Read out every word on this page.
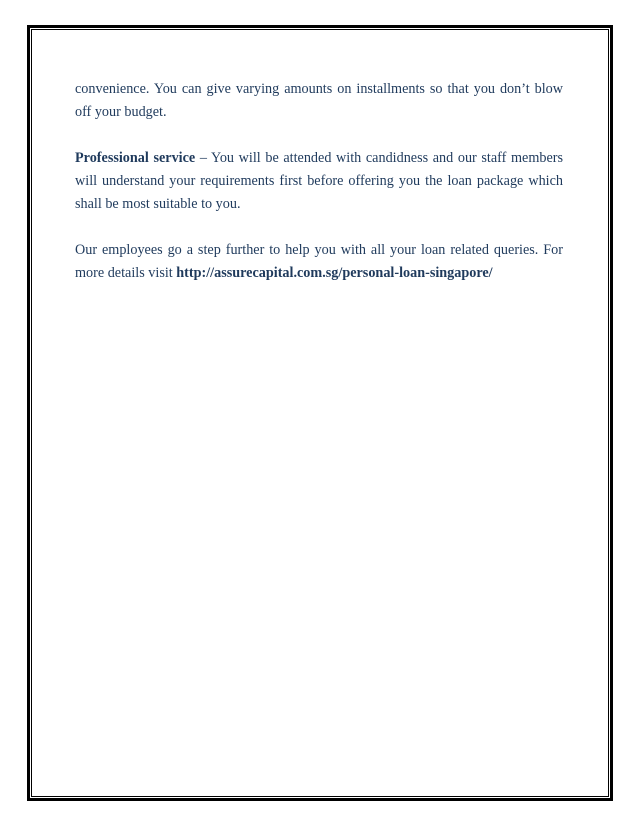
convenience. You can give varying amounts on installments so that you don’t blow off your budget.

Professional service – You will be attended with candidness and our staff members will understand your requirements first before offering you the loan package which shall be most suitable to you.

Our employees go a step further to help you with all your loan related queries. For more details visit http://assurecapital.com.sg/personal-loan-singapore/
